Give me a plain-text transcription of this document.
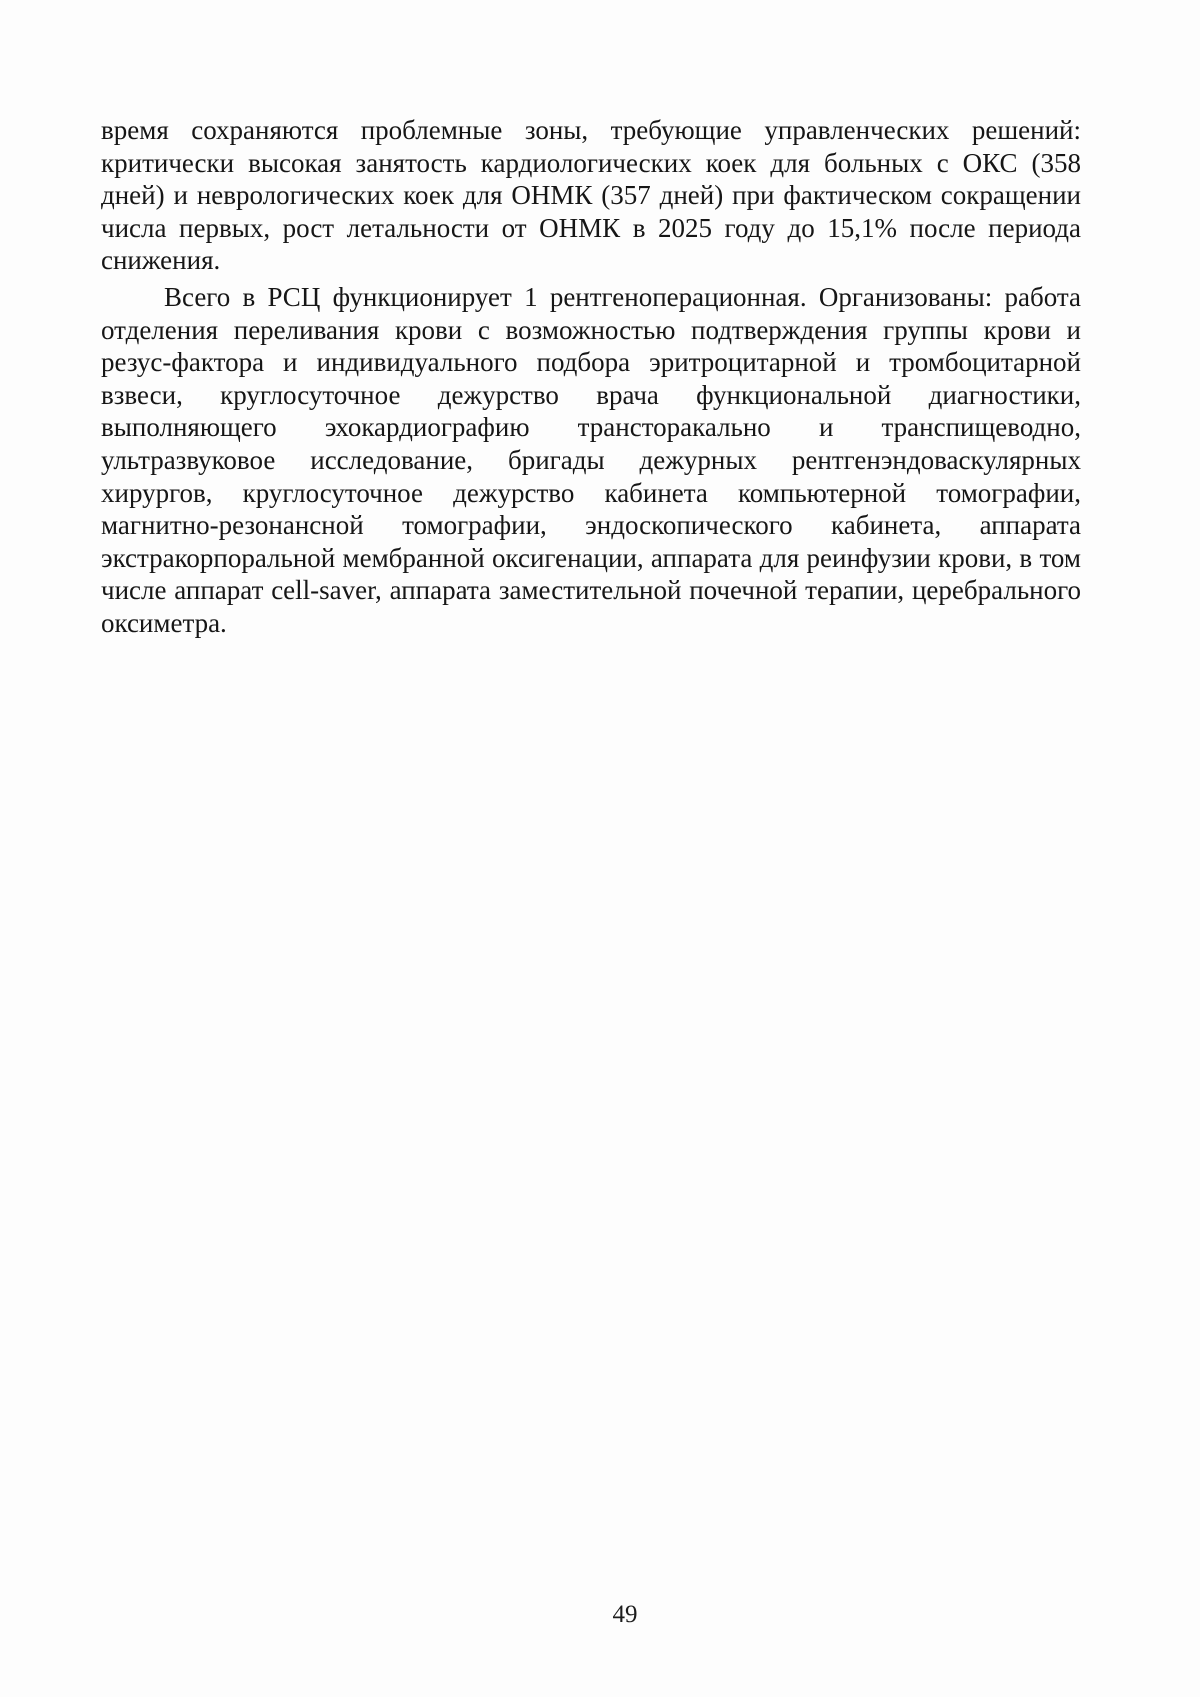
время сохраняются проблемные зоны, требующие управленческих решений: критически высокая занятость кардиологических коек для больных с ОКС (358 дней) и неврологических коек для ОНМК (357 дней) при фактическом сокращении числа первых, рост летальности от ОНМК в 2025 году до 15,1% после периода снижения.

Всего в РСЦ функционирует 1 рентгеноперационная. Организованы: работа отделения переливания крови с возможностью подтверждения группы крови и резус-фактора и индивидуального подбора эритроцитарной и тромбоцитарной взвеси, круглосуточное дежурство врача функциональной диагностики, выполняющего эхокардиографию трансторакально и транспищеводно, ультразвуковое исследование, бригады дежурных рентгенэндоваскулярных хирургов, круглосуточное дежурство кабинета компьютерной томографии, магнитно-резонансной томографии, эндоскопического кабинета, аппарата экстракорпоральной мембранной оксигенации, аппарата для реинфузии крови, в том числе аппарат cell-saver, аппарата заместительной почечной терапии, церебрального оксиметра.

49
